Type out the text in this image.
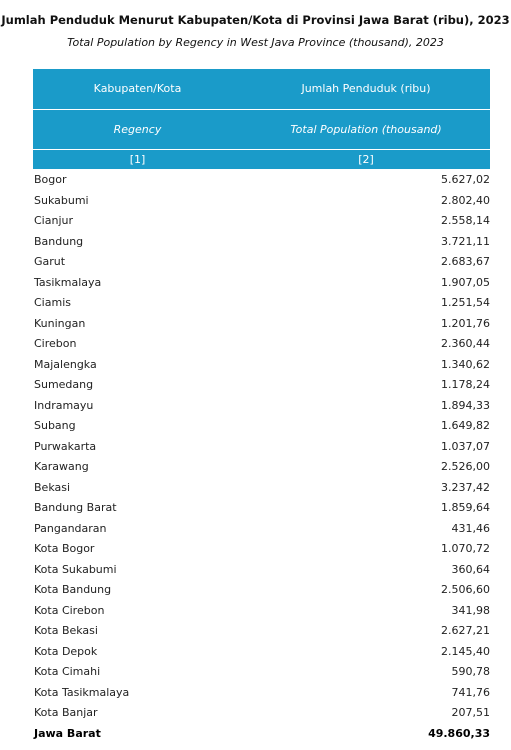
Jumlah Penduduk Menurut Kabupaten/Kota di Provinsi Jawa Barat (ribu), 2023
Total Population by Regency in West Java Province (thousand), 2023
Kabupaten/Kota	Jumlah Penduduk (ribu)
Regency	Total Population (thousand)
[1]	[2]
Bogor	5.627,02
Sukabumi	2.802,40
Cianjur	2.558,14
Bandung	3.721,11
Garut	2.683,67
Tasikmalaya	1.907,05
Ciamis	1.251,54
Kuningan	1.201,76
Cirebon	2.360,44
Majalengka	1.340,62
Sumedang	1.178,24
Indramayu	1.894,33
Subang	1.649,82
Purwakarta	1.037,07
Karawang	2.526,00
Bekasi	3.237,42
Bandung Barat	1.859,64
Pangandaran	431,46
Kota Bogor	1.070,72
Kota Sukabumi	360,64
Kota Bandung	2.506,60
Kota Cirebon	341,98
Kota Bekasi	2.627,21
Kota Depok	2.145,40
Kota Cimahi	590,78
Kota Tasikmalaya	741,76
Kota Banjar	207,51
Jawa Barat	49.860,33
